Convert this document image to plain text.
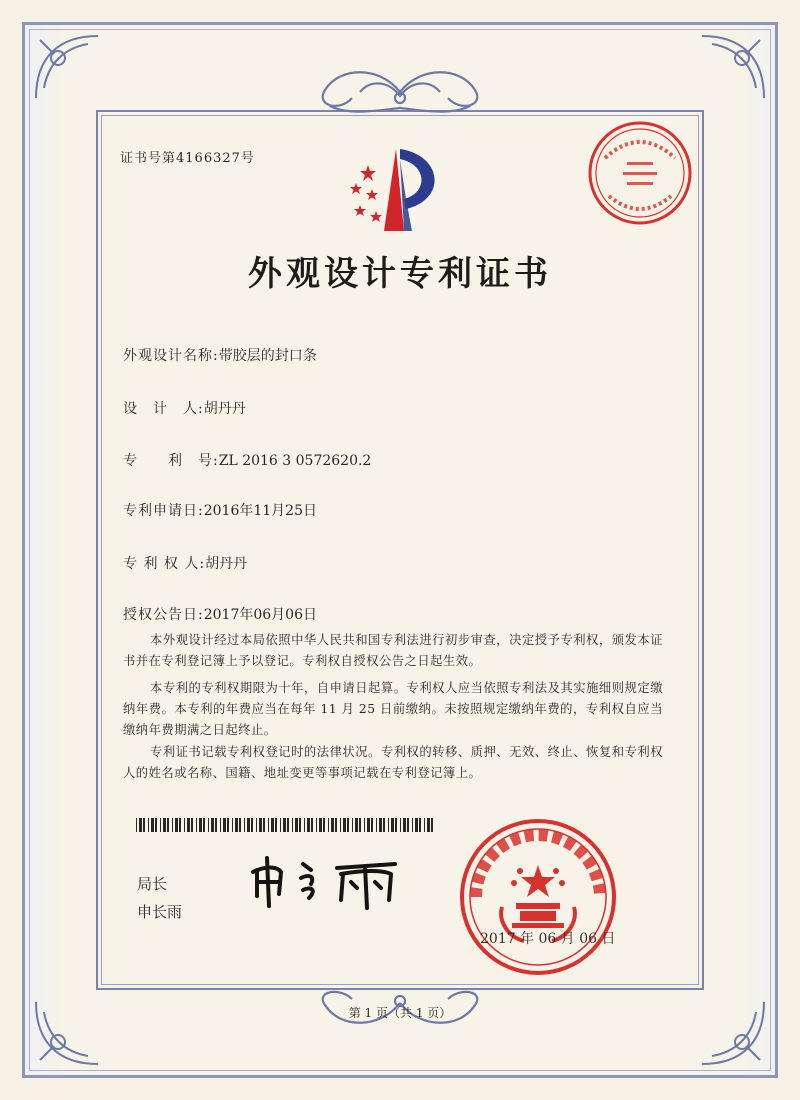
证书号第4166327号
外观设计专利证书
外观设计名称:带胶层的封口条
设　计　人:胡丹丹
专　　利　号:ZL 2016 3 0572620.2
专利申请日:2016年11月25日
专 利 权 人:胡丹丹
授权公告日:2017年06月06日
本外观设计经过本局依照中华人民共和国专利法进行初步审查，决定授予专利权，颁发本证书并在专利登记簿上予以登记。专利权自授权公告之日起生效。
本专利的专利权期限为十年，自申请日起算。专利权人应当依照专利法及其实施细则规定缴纳年费。本专利的年费应当在每年 11 月 25 日前缴纳。未按照规定缴纳年费的，专利权自应当缴纳年费期满之日起终止。
专利证书记载专利权登记时的法律状况。专利权的转移、质押、无效、终止、恢复和专利权人的姓名或名称、国籍、地址变更等事项记载在专利登记簿上。
局长
申长雨
2017 年 06 月 06 日
第 1 页（共 1 页）
